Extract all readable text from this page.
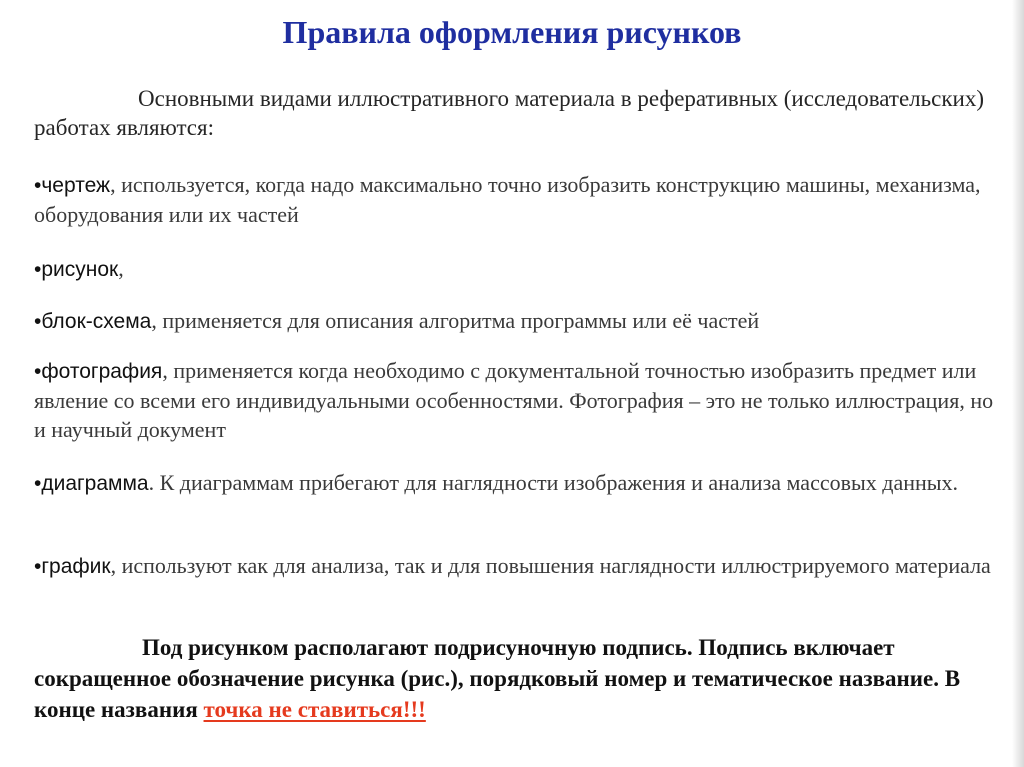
Правила оформления рисунков

Основными видами иллюстративного материала в реферативных (исследовательских) работах являются:

•чертеж, используется, когда надо максимально точно изобразить конструкцию машины, механизма, оборудования или их частей

•рисунок,

•блок-схема, применяется для описания алгоритма программы или её частей

•фотография, применяется когда необходимо с документальной точностью изобразить предмет или явление со всеми его индивидуальными особенностями. Фотография – это не только иллюстрация, но и научный документ

•диаграмма. К диаграммам прибегают для наглядности изображения и анализа массовых данных.

•график, используют как для анализа, так и для повышения наглядности иллюстрируемого материала

Под рисунком располагают подрисуночную подпись. Подпись включает сокращенное обозначение рисунка (рис.), порядковый номер и тематическое название. В конце названия точка не ставиться!!!
